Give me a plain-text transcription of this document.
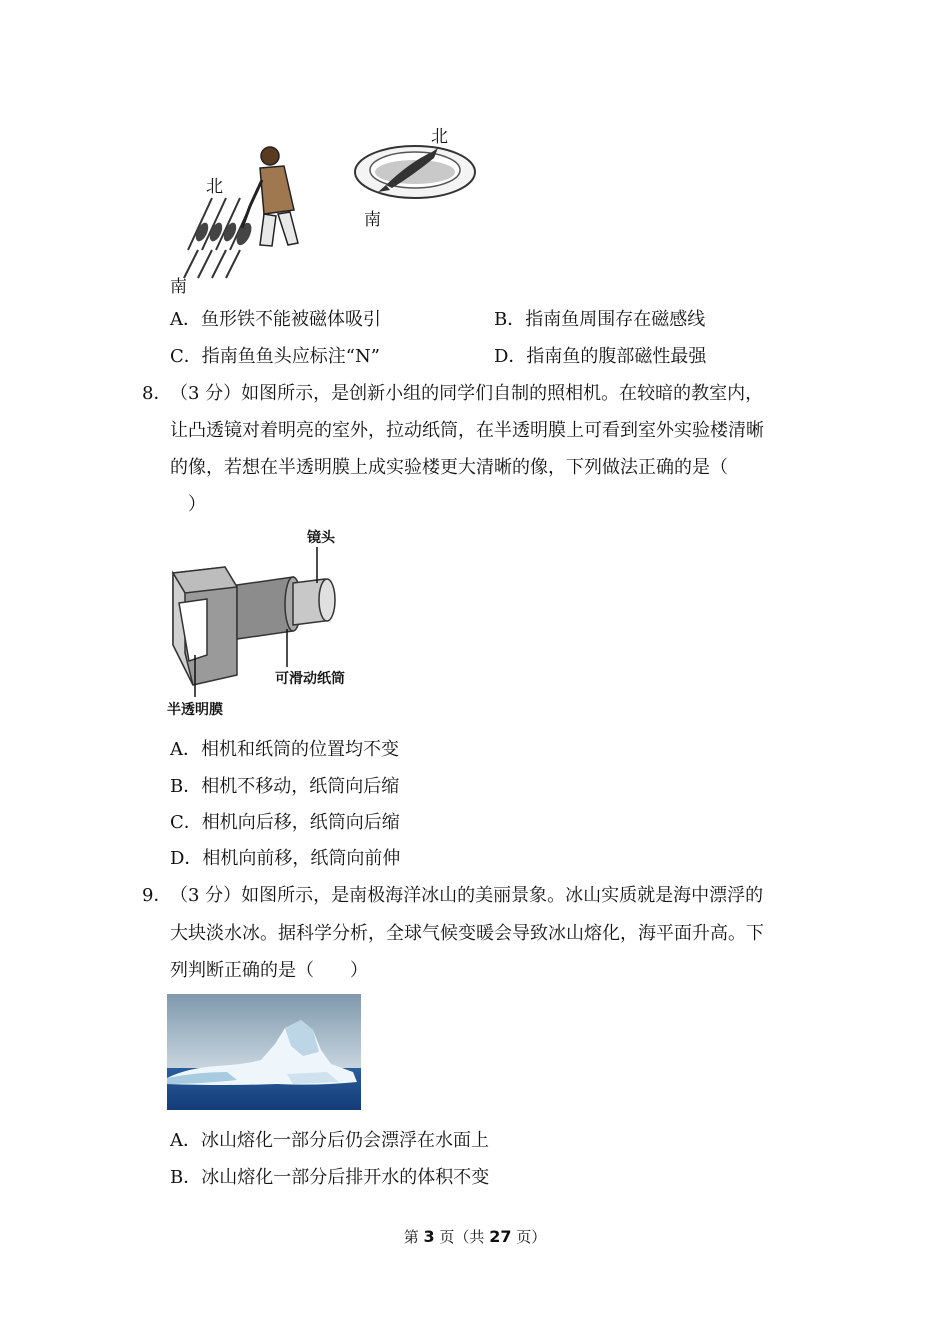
北
南
北
南
A．鱼形铁不能被磁体吸引	B．指南鱼周围存在磁感线
C．指南鱼鱼头应标注“N”	D．指南鱼的腹部磁性最强
8．
（3 分）如图所示，是创新小组的同学们自制的照相机。在较暗的教室内，
让凸透镜对着明亮的室外，拉动纸筒，在半透明膜上可看到室外实验楼清晰
的像，若想在半透明膜上成实验楼更大清晰的像，下列做法正确的是（
）
镜头
可滑动纸筒
半透明膜
A．相机和纸筒的位置均不变
B．相机不移动，纸筒向后缩
C．相机向后移，纸筒向后缩
D．相机向前移，纸筒向前伸
9．
（3 分）如图所示，是南极海洋冰山的美丽景象。冰山实质就是海中漂浮的
大块淡水冰。据科学分析，全球气候变暖会导致冰山熔化，海平面升高。下
列判断正确的是（　　）
A．冰山熔化一部分后仍会漂浮在水面上
B．冰山熔化一部分后排开水的体积不变
第 3 页（共 27 页）
